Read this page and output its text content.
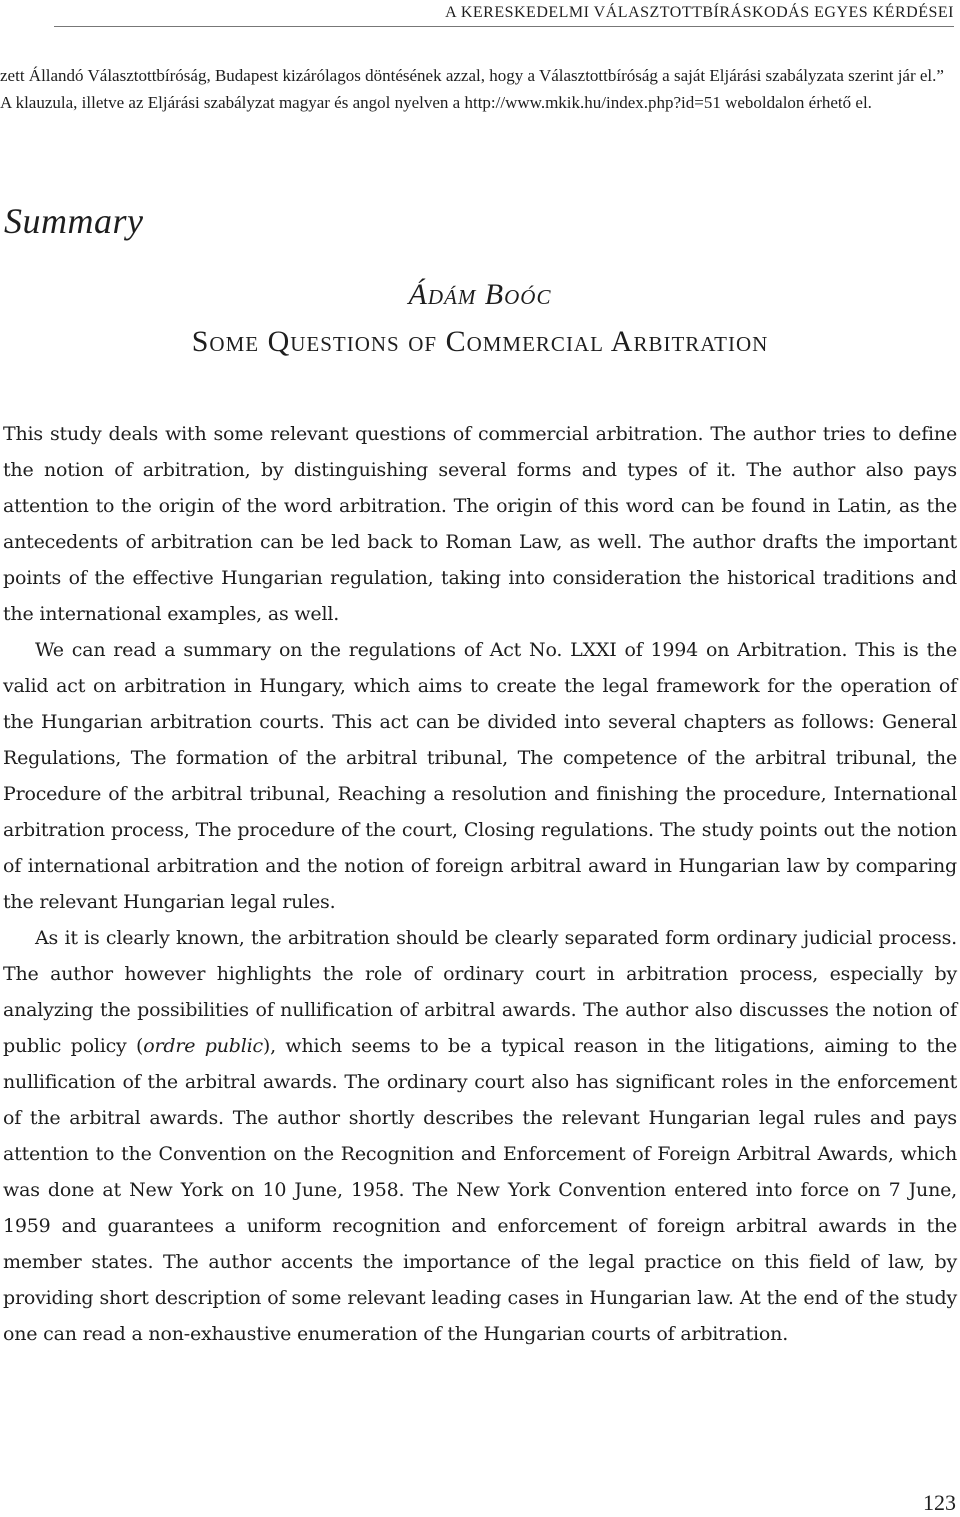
A KERESKEDELMI VÁLASZTOTTBÍRÁSKODÁS EGYES KÉRDÉSEI

zett Állandó Választottbíróság, Budapest kizárólagos döntésének azzal, hogy a Választottbíróság a saját Eljárási szabályzata szerint jár el.” A klauzula, illetve az Eljárási szabályzat magyar és angol nyelven a http://www.mkik.hu/index.php?id=51 weboldalon érhető el.

Summary
Ádám Boóc
Some Questions of Commercial Arbitration

This study deals with some relevant questions of commercial arbitration. The author tries to define the notion of arbitration, by distinguishing several forms and types of it. The author also pays attention to the origin of the word arbitration. The origin of this word can be found in Latin, as the antecedents of arbitration can be led back to Roman Law, as well. The author drafts the important points of the effective Hungarian regulation, taking into consideration the historical traditions and the international examples, as well.

We can read a summary on the regulations of Act No. LXXI of 1994 on Arbitration. This is the valid act on arbitration in Hungary, which aims to create the legal framework for the operation of the Hungarian arbitration courts. This act can be divided into several chapters as follows: General Regulations, The formation of the arbitral tribunal, The competence of the arbitral tribunal, the Procedure of the arbitral tribunal, Reaching a resolution and finishing the procedure, International arbitration process, The procedure of the court, Closing regulations. The study points out the notion of international arbitration and the notion of foreign arbitral award in Hungarian law by comparing the relevant Hungarian legal rules.

As it is clearly known, the arbitration should be clearly separated form ordinary judicial process. The author however highlights the role of ordinary court in arbitration process, especially by analyzing the possibilities of nullification of arbitral awards. The author also discusses the notion of public policy (ordre public), which seems to be a typical reason in the litigations, aiming to the nullification of the arbitral awards. The ordinary court also has significant roles in the enforcement of the arbitral awards. The author shortly describes the relevant Hungarian legal rules and pays attention to the Convention on the Recognition and Enforcement of Foreign Arbitral Awards, which was done at New York on 10 June, 1958. The New York Convention entered into force on 7 June, 1959 and guarantees a uniform recognition and enforcement of foreign arbitral awards in the member states. The author accents the importance of the legal practice on this field of law, by providing short description of some relevant leading cases in Hungarian law. At the end of the study one can read a non-exhaustive enumeration of the Hungarian courts of arbitration.

123
